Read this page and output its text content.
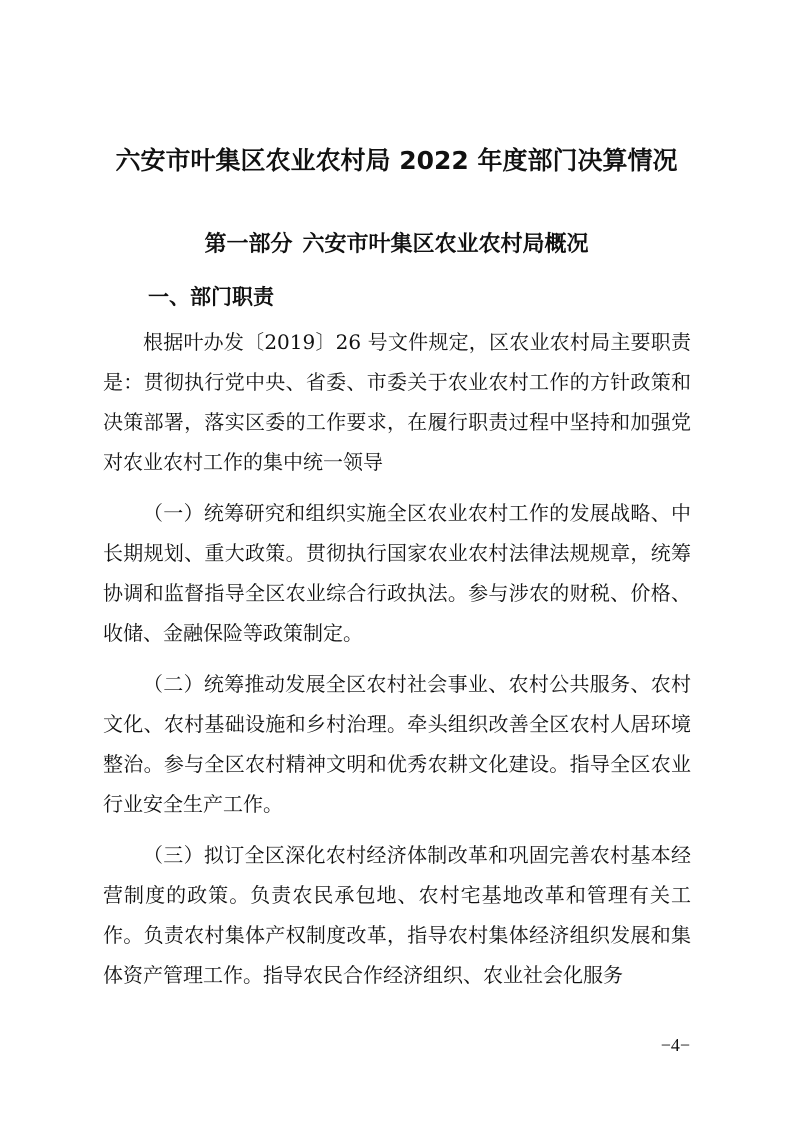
六安市叶集区农业农村局 2022 年度部门决算情况
第一部分 六安市叶集区农业农村局概况
一、部门职责

根据叶办发〔2019〕26 号文件规定，区农业农村局主要职责是：贯彻执行党中央、省委、市委关于农业农村工作的方针政策和决策部署，落实区委的工作要求，在履行职责过程中坚持和加强党对农业农村工作的集中统一领导

（一）统筹研究和组织实施全区农业农村工作的发展战略、中长期规划、重大政策。贯彻执行国家农业农村法律法规规章，统筹协调和监督指导全区农业综合行政执法。参与涉农的财税、价格、收储、金融保险等政策制定。

（二）统筹推动发展全区农村社会事业、农村公共服务、农村文化、农村基础设施和乡村治理。牵头组织改善全区农村人居环境整治。参与全区农村精神文明和优秀农耕文化建设。指导全区农业行业安全生产工作。

（三）拟订全区深化农村经济体制改革和巩固完善农村基本经营制度的政策。负责农民承包地、农村宅基地改革和管理有关工作。负责农村集体产权制度改革，指导农村集体经济组织发展和集体资产管理工作。指导农民合作经济组织、农业社会化服务

−4−
